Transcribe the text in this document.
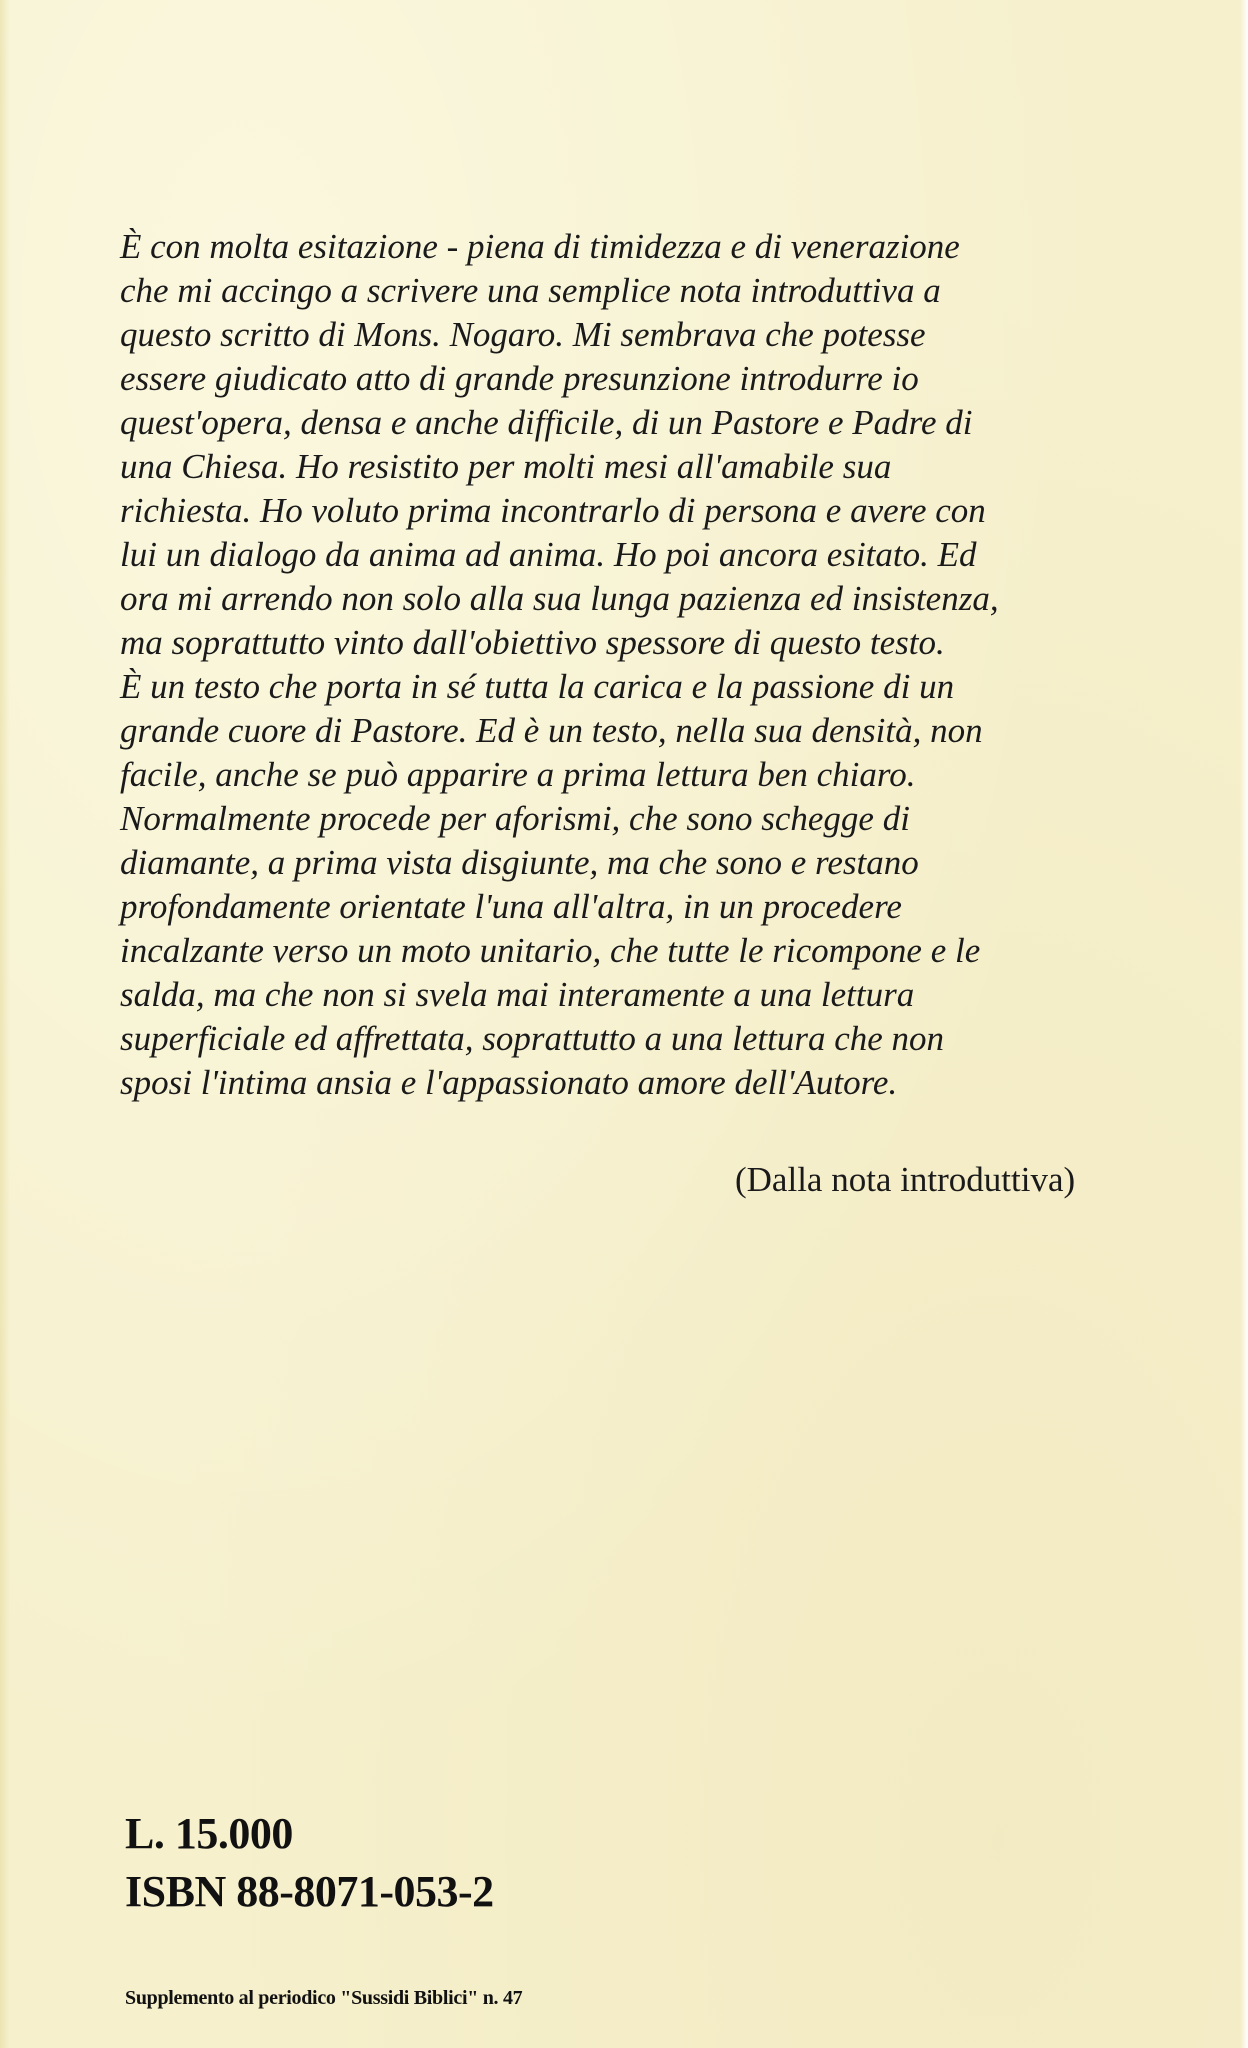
È con molta esitazione - piena di timidezza e di venerazione
che mi accingo a scrivere una semplice nota introduttiva a
questo scritto di Mons. Nogaro. Mi sembrava che potesse
essere giudicato atto di grande presunzione introdurre io
quest'opera, densa e anche difficile, di un Pastore e Padre di
una Chiesa. Ho resistito per molti mesi all'amabile sua
richiesta. Ho voluto prima incontrarlo di persona e avere con
lui un dialogo da anima ad anima. Ho poi ancora esitato. Ed
ora mi arrendo non solo alla sua lunga pazienza ed insistenza,
ma soprattutto vinto dall'obiettivo spessore di questo testo.
È un testo che porta in sé tutta la carica e la passione di un
grande cuore di Pastore. Ed è un testo, nella sua densità, non
facile, anche se può apparire a prima lettura ben chiaro.
Normalmente procede per aforismi, che sono schegge di
diamante, a prima vista disgiunte, ma che sono e restano
profondamente orientate l'una all'altra, in un procedere
incalzante verso un moto unitario, che tutte le ricompone e le
salda, ma che non si svela mai interamente a una lettura
superficiale ed affrettata, soprattutto a una lettura che non
sposi l'intima ansia e l'appassionato amore dell'Autore.

(Dalla nota introduttiva)
L. 15.000
ISBN 88-8071-053-2
Supplemento al periodico "Sussidi Biblici" n. 47
